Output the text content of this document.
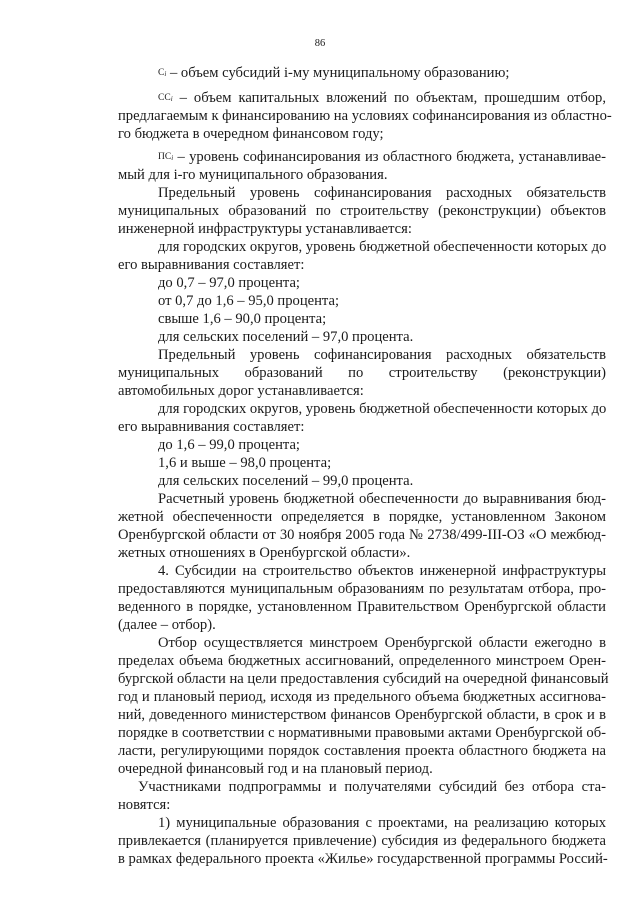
86
$С_i$ – объем субсидий i-му муниципальному образованию;
$СС_i$ – объем капитальных вложений по объектам, прошедшим отбор,
предлагаемым к финансированию на условиях софинансирования из областно-
го бюджета в очередном финансовом году;
$ПС_i$ – уровень софинансирования из областного бюджета, устанавливае-
мый для i-го муниципального образования.
Предельный уровень софинансирования расходных обязательств
муниципальных образований по строительству (реконструкции) объектов
инженерной инфраструктуры устанавливается:
для городских округов, уровень бюджетной обеспеченности которых до
его выравнивания составляет:
до 0,7 – 97,0 процента;
от 0,7 до 1,6 – 95,0 процента;
свыше 1,6 – 90,0 процента;
для сельских поселений – 97,0 процента.
Предельный уровень софинансирования расходных обязательств
муниципальных образований по строительству (реконструкции)
автомобильных дорог устанавливается:
для городских округов, уровень бюджетной обеспеченности которых до
его выравнивания составляет:
до 1,6 – 99,0 процента;
1,6 и выше – 98,0 процента;
для сельских поселений – 99,0 процента.
Расчетный уровень бюджетной обеспеченности до выравнивания бюд-
жетной обеспеченности определяется в порядке, установленном Законом
Оренбургской области от 30 ноября 2005 года № 2738/499-III-ОЗ «О межбюд-
жетных отношениях в Оренбургской области».
4. Субсидии на строительство объектов инженерной инфраструктуры
предоставляются муниципальным образованиям по результатам отбора, про-
веденного в порядке, установленном Правительством Оренбургской области
(далее – отбор).
Отбор осуществляется минстроем Оренбургской области ежегодно в
пределах объема бюджетных ассигнований, определенного минстроем Орен-
бургской области на цели предоставления субсидий на очередной финансовый
год и плановый период, исходя из предельного объема бюджетных ассигнова-
ний, доведенного министерством финансов Оренбургской области, в срок и в
порядке в соответствии с нормативными правовыми актами Оренбургской об-
ласти, регулирующими порядок составления проекта областного бюджета на
очередной финансовый год и на плановый период.
Участниками подпрограммы и получателями субсидий без отбора ста-
новятся:
1) муниципальные образования с проектами, на реализацию которых
привлекается (планируется привлечение) субсидия из федерального бюджета
в рамках федерального проекта «Жилье» государственной программы Россий-
